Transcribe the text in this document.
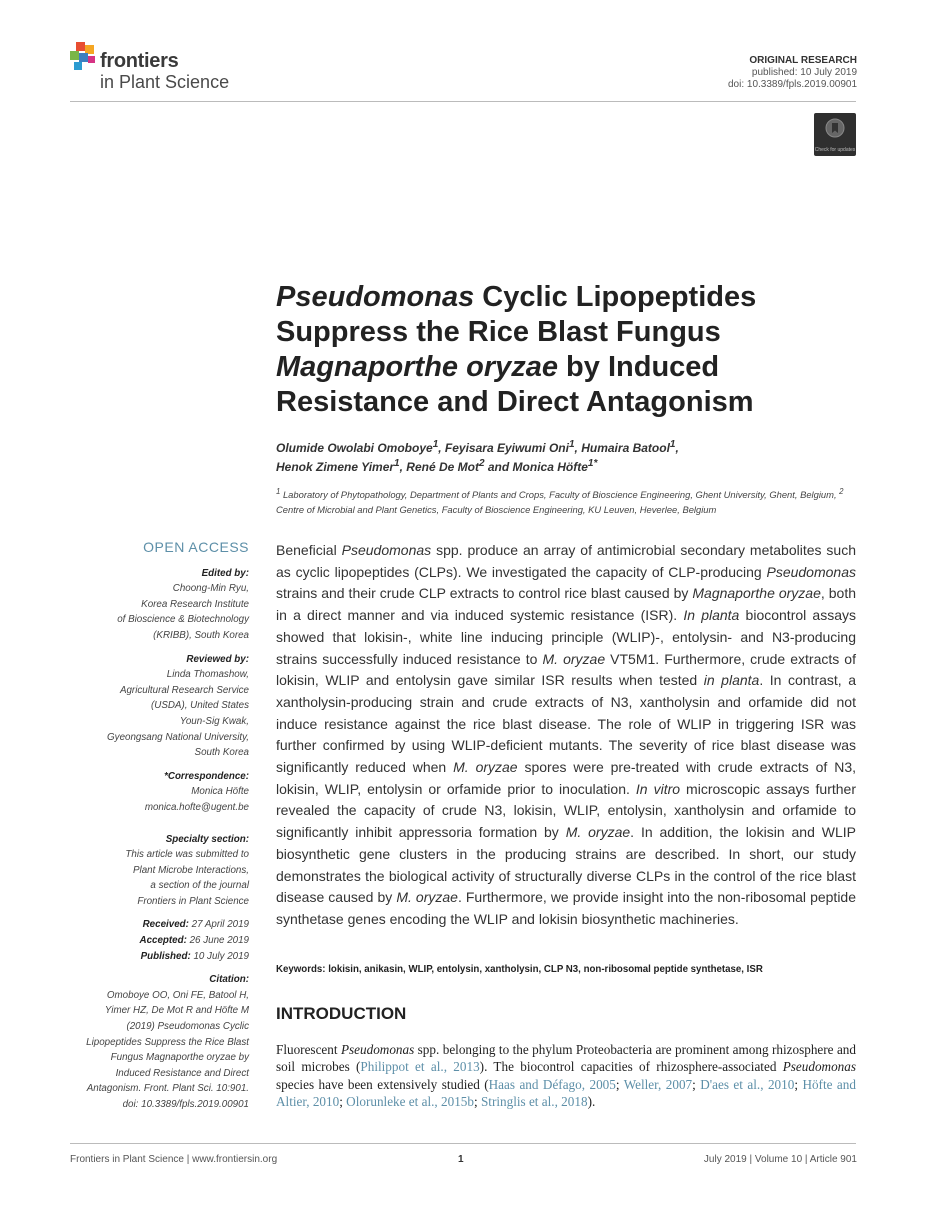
frontiers
in Plant Science
ORIGINAL RESEARCH
published: 10 July 2019
doi: 10.3389/fpls.2019.00901
Check for updates
Pseudomonas Cyclic Lipopeptides Suppress the Rice Blast Fungus Magnaporthe oryzae by Induced Resistance and Direct Antagonism
Olumide Owolabi Omoboye$^1$, Feyisara Eyiwumi Oni$^1$, Humaira Batool$^1$,
Henok Zimene Yimer$^1$, René De Mot$^2$ and Monica Höfte$^{1*}$
$^1$ Laboratory of Phytopathology, Department of Plants and Crops, Faculty of Bioscience Engineering, Ghent University, Ghent, Belgium, $^2$ Centre of Microbial and Plant Genetics, Faculty of Bioscience Engineering, KU Leuven, Heverlee, Belgium
OPEN ACCESS
Edited by:
Choong-Min Ryu,
Korea Research Institute
of Bioscience & Biotechnology
(KRIBB), South Korea
Reviewed by:
Linda Thomashow,
Agricultural Research Service
(USDA), United States
Youn-Sig Kwak,
Gyeongsang National University,
South Korea
*Correspondence:
Monica Höfte
monica.hofte@ugent.be
Specialty section:
This article was submitted to
Plant Microbe Interactions,
a section of the journal
Frontiers in Plant Science
Received: 27 April 2019
Accepted: 26 June 2019
Published: 10 July 2019
Citation:
Omoboye OO, Oni FE, Batool H,
Yimer HZ, De Mot R and Höfte M
(2019) Pseudomonas Cyclic
Lipopeptides Suppress the Rice Blast
Fungus Magnaporthe oryzae by
Induced Resistance and Direct
Antagonism. Front. Plant Sci. 10:901.
doi: 10.3389/fpls.2019.00901
Beneficial Pseudomonas spp. produce an array of antimicrobial secondary metabolites such as cyclic lipopeptides (CLPs). We investigated the capacity of CLP-producing Pseudomonas strains and their crude CLP extracts to control rice blast caused by Magnaporthe oryzae, both in a direct manner and via induced systemic resistance (ISR). In planta biocontrol assays showed that lokisin-, white line inducing principle (WLIP)-, entolysin- and N3-producing strains successfully induced resistance to M. oryzae VT5M1. Furthermore, crude extracts of lokisin, WLIP and entolysin gave similar ISR results when tested in planta. In contrast, a xantholysin-producing strain and crude extracts of N3, xantholysin and orfamide did not induce resistance against the rice blast disease. The role of WLIP in triggering ISR was further confirmed by using WLIP-deficient mutants. The severity of rice blast disease was significantly reduced when M. oryzae spores were pre-treated with crude extracts of N3, lokisin, WLIP, entolysin or orfamide prior to inoculation. In vitro microscopic assays further revealed the capacity of crude N3, lokisin, WLIP, entolysin, xantholysin and orfamide to significantly inhibit appressoria formation by M. oryzae. In addition, the lokisin and WLIP biosynthetic gene clusters in the producing strains are described. In short, our study demonstrates the biological activity of structurally diverse CLPs in the control of the rice blast disease caused by M. oryzae. Furthermore, we provide insight into the non-ribosomal peptide synthetase genes encoding the WLIP and lokisin biosynthetic machineries.
Keywords: lokisin, anikasin, WLIP, entolysin, xantholysin, CLP N3, non-ribosomal peptide synthetase, ISR
INTRODUCTION
Fluorescent Pseudomonas spp. belonging to the phylum Proteobacteria are prominent among rhizosphere and soil microbes (Philippot et al., 2013). The biocontrol capacities of rhizosphere-associated Pseudomonas species have been extensively studied (Haas and Défago, 2005; Weller, 2007; D'aes et al., 2010; Höfte and Altier, 2010; Olorunleke et al., 2015b; Stringlis et al., 2018).
Frontiers in Plant Science | www.frontiersin.org	1	July 2019 | Volume 10 | Article 901
